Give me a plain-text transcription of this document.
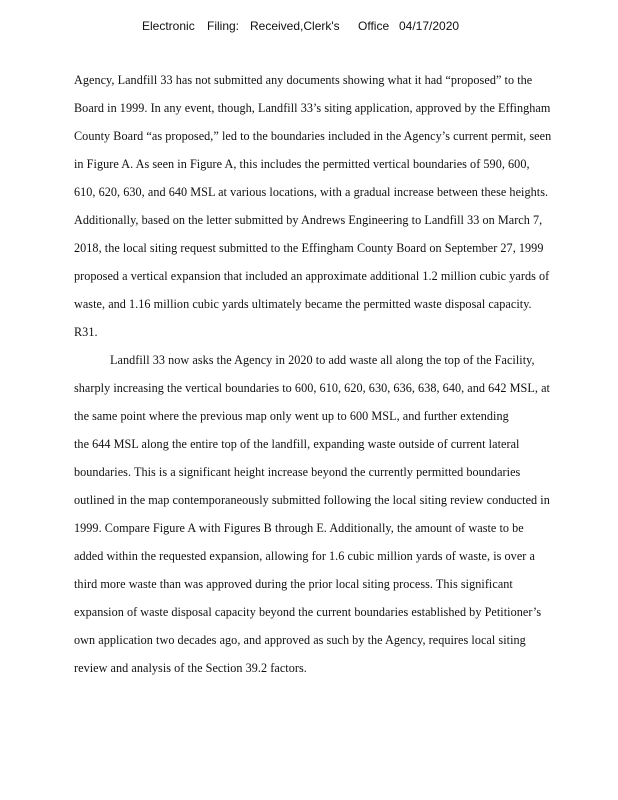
Electronic Filing: Received,Clerk's Office 04/17/2020
Agency, Landfill 33 has not submitted any documents showing what it had “proposed” to the
Board in 1999. In any event, though, Landfill 33’s siting application, approved by the Effingham
County Board “as proposed,” led to the boundaries included in the Agency’s current permit, seen
in Figure A. As seen in Figure A, this includes the permitted vertical boundaries of 590, 600,
610, 620, 630, and 640 MSL at various locations, with a gradual increase between these heights.
Additionally, based on the letter submitted by Andrews Engineering to Landfill 33 on March 7,
2018, the local siting request submitted to the Effingham County Board on September 27, 1999
proposed a vertical expansion that included an approximate additional 1.2 million cubic yards of
waste, and 1.16 million cubic yards ultimately became the permitted waste disposal capacity.
R31.
Landfill 33 now asks the Agency in 2020 to add waste all along the top of the Facility,
sharply increasing the vertical boundaries to 600, 610, 620, 630, 636, 638, 640, and 642 MSL, at
the same point where the previous map only went up to 600 MSL, and further extending
the 644 MSL along the entire top of the landfill, expanding waste outside of current lateral
boundaries. This is a significant height increase beyond the currently permitted boundaries
outlined in the map contemporaneously submitted following the local siting review conducted in
1999. Compare Figure A with Figures B through E. Additionally, the amount of waste to be
added within the requested expansion, allowing for 1.6 cubic million yards of waste, is over a
third more waste than was approved during the prior local siting process. This significant
expansion of waste disposal capacity beyond the current boundaries established by Petitioner’s
own application two decades ago, and approved as such by the Agency, requires local siting
review and analysis of the Section 39.2 factors.
